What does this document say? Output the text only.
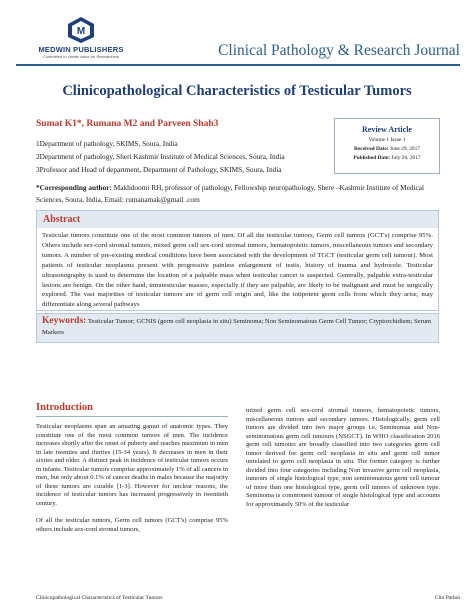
M
MEDWIN PUBLISHERS
Committed to create value for Researchers	Clinical Pathology & Research Journal
Clinicopathological Characteristics of Testicular Tumors
Sumat K1*, Rumana M2 and Parveen Shah3
1Department of pathology, SKIMS, Soura, India
2Department of pathology, Sheri Kashmir Institute of Medical Sciences, Soura, India
3Professor and Head of department, Department of Pathology, SKIMS, Soura, India
Review Article
Volume 1 Issue 1
Received Date: June 29, 2017
Published Date: July 26, 2017
*Corresponding author: Makhdoomi RH, professor of pathology, Fellowship neuropathology, Shere –Kashmir Institute of Medical Sciences, Soura, India, Email: rumanamak@gmail .com
Abstract
Testicular tumors constitute one of the most common tumors of men. Of all the testicular tumors, Germ cell tumors (GCT's) comprise 95%. Others include sex-cord stromal tumors, mixed germ cell sex-cord stromal tumors, hematopoietic tumors, miscellaneous tumors and secondary tumors. A number of pre-existing medical conditions have been associated with the development of TGCT (testicular germ cell tumour). Most patients of testicular neoplasms present with progressive painless enlargement of testis, history of trauma and hydrocele. Testicular ultrasonography is used to determine the location of a palpable mass when testicular cancer is suspected. Generally, palpable extra-testicular lesions are benign. On the other hand, intratesticular masses, especially if they are palpable, are likely to be malignant and must be surgically explored. The vast majorities of testicular tumors are of germ cell origin and, like the totipotent germ cells from which they arise, may differentiate along several pathways
Keywords: Testicular Tumor; GCNIS (germ cell neoplasia in situ) Seminoma; Non Seminomatous Germ Cell Tumor; Cryptorchidism; Serum Markers
Introduction

Testicular neoplasms span an amazing gamut of anatomic types. They constitute one of the most common tumors of men. The incidence increases shortly after the onset of puberty and reaches maximum in men in late twenties and thirties (15-34 years). It decreases in men in their sixties and older. A distinct peak in incidence of testicular tumors occurs in infants. Testicular tumors comprise approximately 1% of all cancers in men, but only about 0.1% of cancer deaths in males because the majority of these tumors are curable [1-3]. However for unclear reasons, the incidence of testicular tumors has increased progressively in twentieth century.

Of all the testicular tumors, Germ cell tumors (GCT's) comprise 95% others include sex-cord stromal tumors,

mixed germ cell sex-cord stromal tumors, hematopoietic tumors, miscellaneous tumors and secondary tumors. Histologically, germ cell tumors are divided into two major groups i.e. Seminomas and Non-seminomatous germ cell tumours (NSGCT). In WHO classification 2016 germ cell tumours are broadly classified into two categories germ cell tumor derived for germ cell neoplasia in situ and germ cell tumor unrelated to germ cell neoplasia in situ. The former category is further divided into four categories including Non invasive germ cell neoplasia, tumours of single histological type, non seminomatous germ cell tumour of more than one histological type, germ cell tumors of unknown type. Seminoma is commonest tumour of single histological type and accounts for approximately 50% of the testicular

Clinicopathological Characteristics of Testicular Tumors	Clin Pathol
